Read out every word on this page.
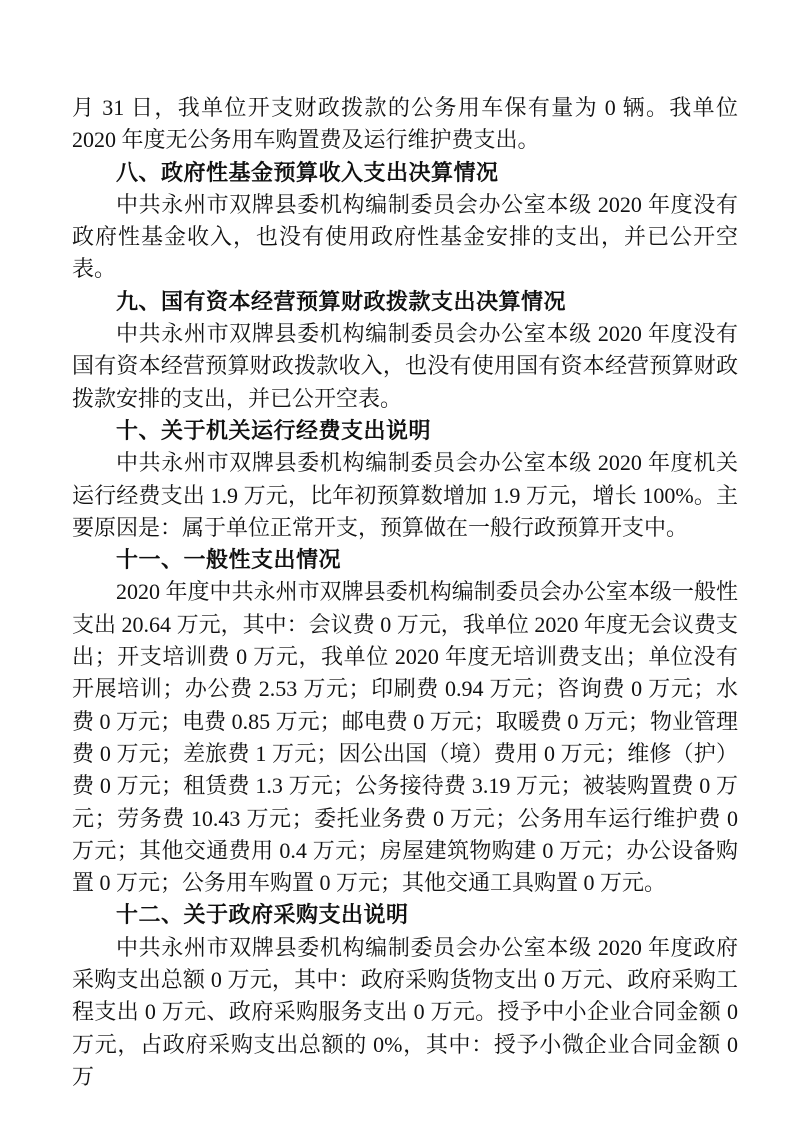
月 31 日，我单位开支财政拨款的公务用车保有量为 0 辆。我单位 2020 年度无公务用车购置费及运行维护费支出。

八、政府性基金预算收入支出决算情况

中共永州市双牌县委机构编制委员会办公室本级 2020 年度没有政府性基金收入，也没有使用政府性基金安排的支出，并已公开空表。

九、国有资本经营预算财政拨款支出决算情况

中共永州市双牌县委机构编制委员会办公室本级 2020 年度没有国有资本经营预算财政拨款收入，也没有使用国有资本经营预算财政拨款安排的支出，并已公开空表。

十、关于机关运行经费支出说明

中共永州市双牌县委机构编制委员会办公室本级 2020 年度机关运行经费支出 1.9 万元，比年初预算数增加 1.9 万元，增长 100%。主要原因是：属于单位正常开支，预算做在一般行政预算开支中。

十一、一般性支出情况

2020 年度中共永州市双牌县委机构编制委员会办公室本级一般性支出 20.64 万元，其中：会议费 0 万元，我单位 2020 年度无会议费支出；开支培训费 0 万元，我单位 2020 年度无培训费支出；单位没有开展培训；办公费 2.53 万元；印刷费 0.94 万元；咨询费 0 万元；水费 0 万元；电费 0.85 万元；邮电费 0 万元；取暖费 0 万元；物业管理费 0 万元；差旅费 1 万元；因公出国（境）费用 0 万元；维修（护）费 0 万元；租赁费 1.3 万元；公务接待费 3.19 万元；被装购置费 0 万元；劳务费 10.43 万元；委托业务费 0 万元；公务用车运行维护费 0 万元；其他交通费用 0.4 万元；房屋建筑物购建 0 万元；办公设备购置 0 万元；公务用车购置 0 万元；其他交通工具购置 0 万元。

十二、关于政府采购支出说明

中共永州市双牌县委机构编制委员会办公室本级 2020 年度政府采购支出总额 0 万元，其中：政府采购货物支出 0 万元、政府采购工程支出 0 万元、政府采购服务支出 0 万元。授予中小企业合同金额 0 万元，占政府采购支出总额的 0%，其中：授予小微企业合同金额 0 万
